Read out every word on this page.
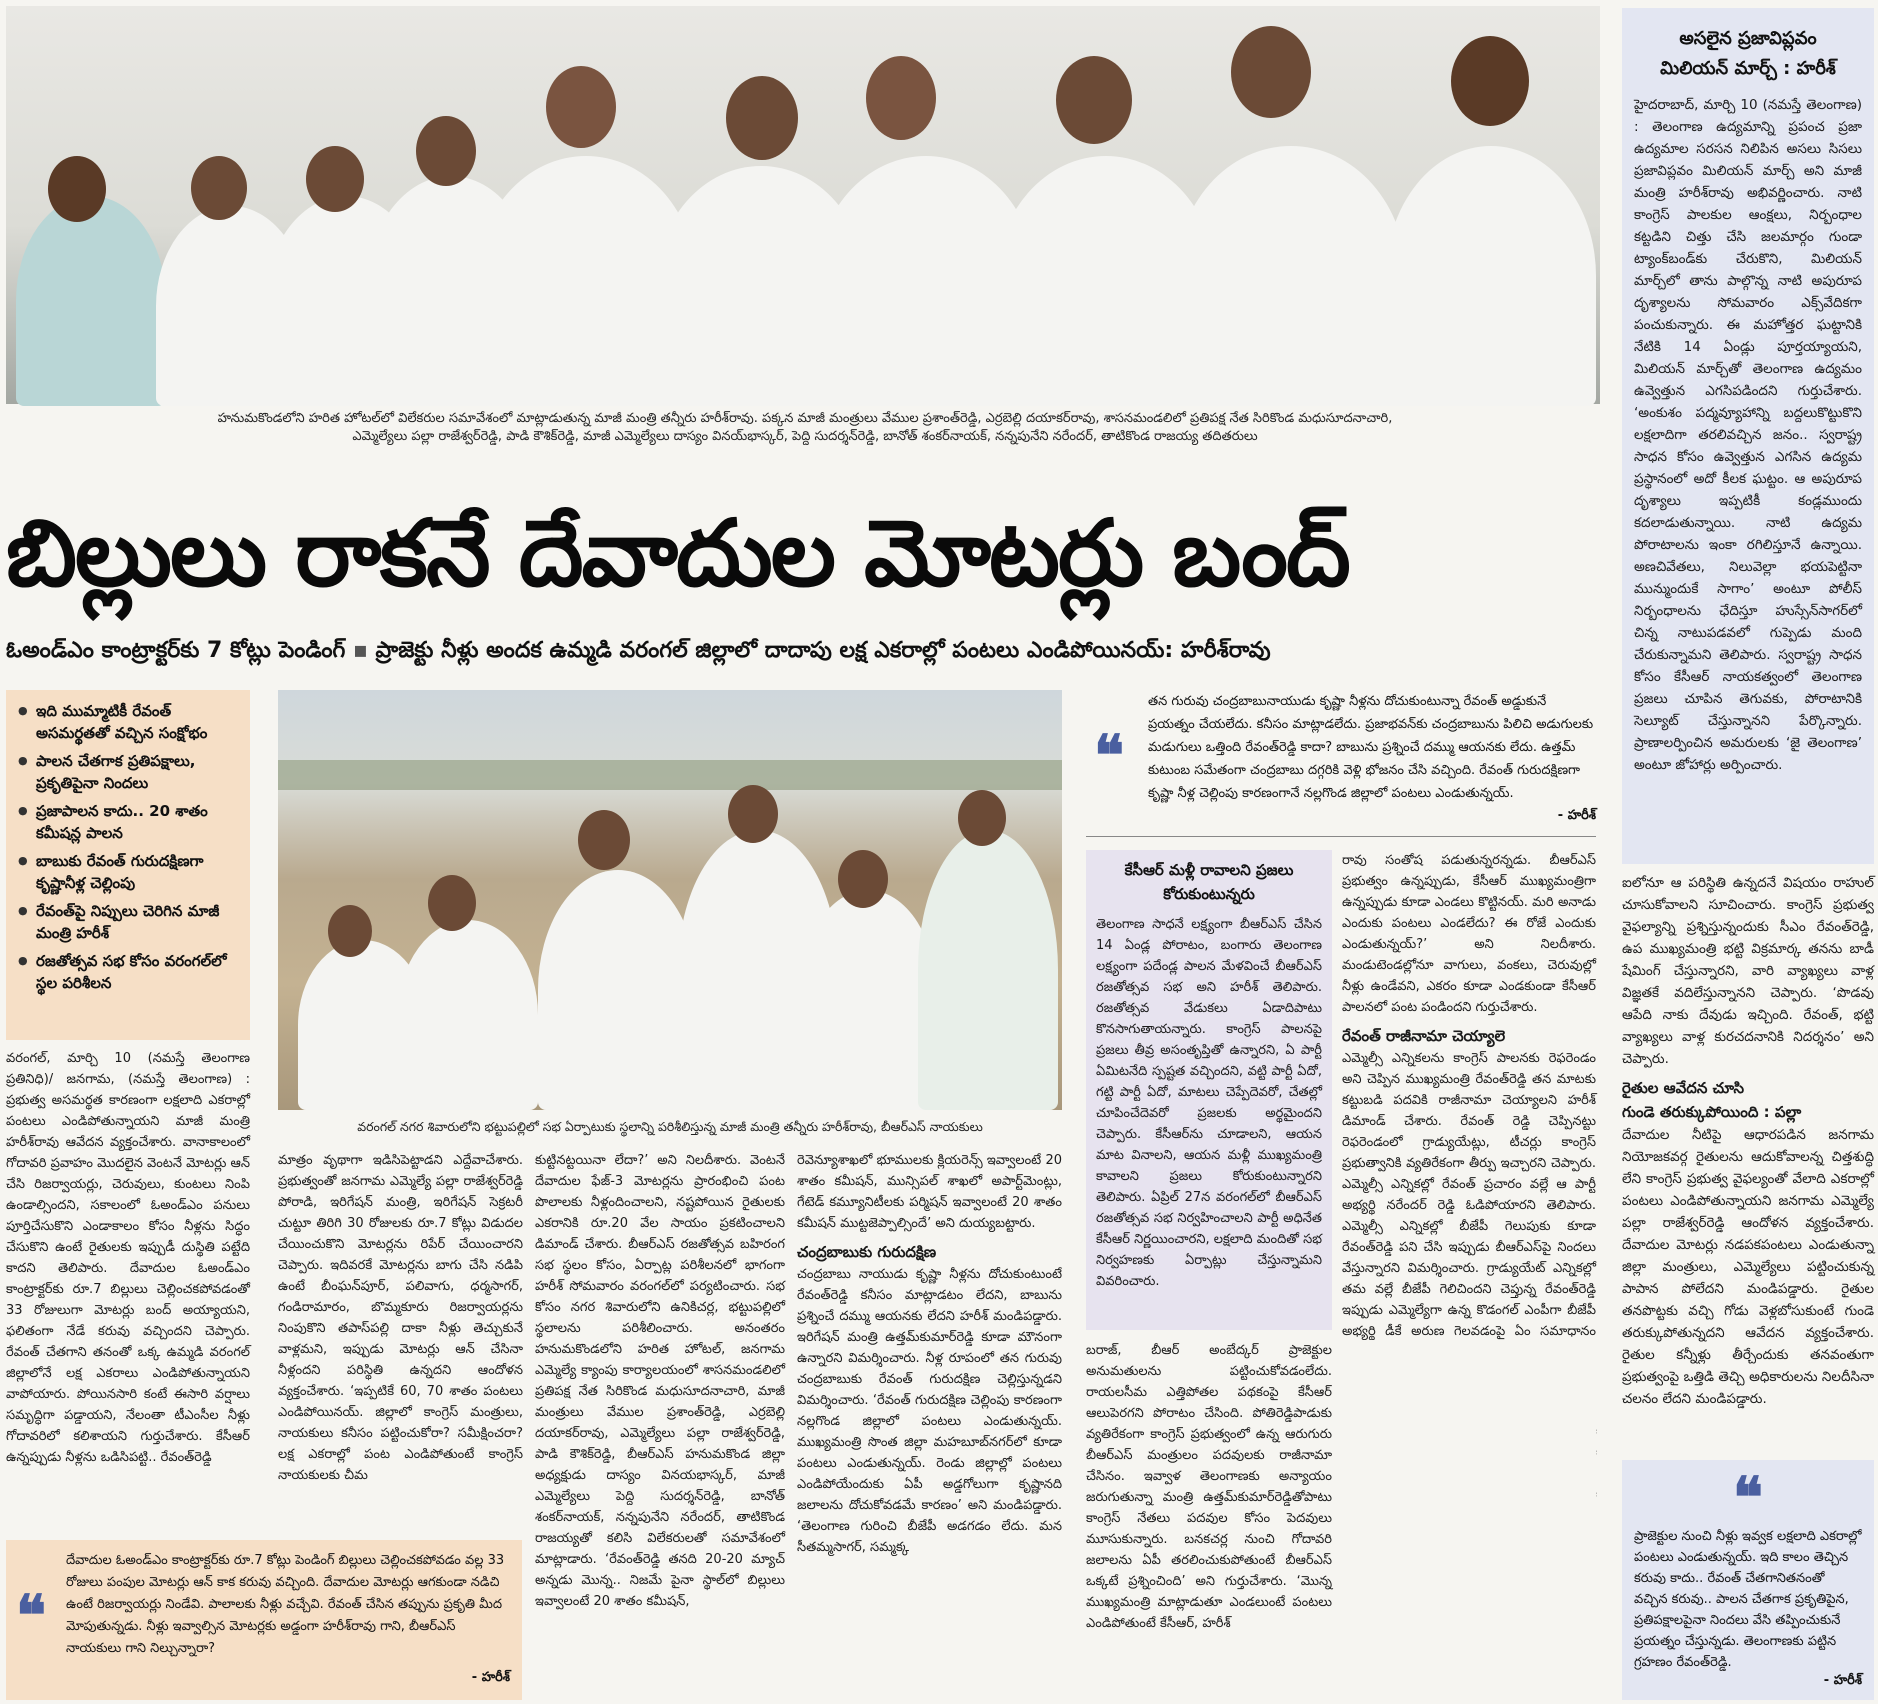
హనుమకొండలోని హరిత హోటల్‌లో విలేకరుల సమావేశంలో మాట్లాడుతున్న మాజీ మంత్రి తన్నీరు హరీశ్‌రావు. పక్కన మాజీ మంత్రులు వేముల ప్రశాంత్‌రెడ్డి, ఎర్రబెల్లి దయాకర్‌రావు, శాసనమండలిలో ప్రతిపక్ష నేత సిరికొండ మధుసూదనాచారి,
ఎమ్మెల్యేలు పల్లా రాజేశ్వర్‌రెడ్డి, పాడి కౌశిక్‌రెడ్డి, మాజీ ఎమ్మెల్యేలు దాస్యం వినయ్‌భాస్కర్, పెద్ది సుదర్శన్‌రెడ్డి, బానోత్ శంకర్‌నాయక్, నన్నపునేని నరేందర్, తాటికొండ రాజయ్య తదితరులు
బిల్లులు రాకనే దేవాదుల మోటర్లు బంద్
ఓఅండ్ఎం కాంట్రాక్టర్‌కు 7 కోట్లు పెండింగ్ ▪ ప్రాజెక్టు నీళ్లు అందక ఉమ్మడి వరంగల్ జిల్లాలో దాదాపు లక్ష ఎకరాల్లో పంటలు ఎండిపోయినయ్: హరీశ్‌రావు
అసలైన ప్రజావిప్లవం
మిలియన్ మార్చ్ : హరీశ్
హైదరాబాద్, మార్చి 10 (నమస్తే తెలంగాణ) : తెలంగాణ ఉద్యమాన్ని ప్రపంచ ప్రజా ఉద్యమాల సరసన నిలిపిన అసలు సిసలు ప్రజావిప్లవం మిలియన్ మార్చ్ అని మాజీ మంత్రి హరీశ్‌రావు అభివర్ణించారు. నాటి కాంగ్రెస్ పాలకుల ఆంక్షలు, నిర్బంధాల కట్టడిని చిత్తు చేసి జలమార్గం గుండా ట్యాంక్‌బండ్‌కు చేరుకొని, మిలియన్ మార్చ్‌లో తాను పాల్గొన్న నాటి అపురూప దృశ్యాలను సోమవారం ఎక్స్‌వేదికగా పంచుకున్నారు. ఈ మహోత్తర ఘట్టానికి నేటికి 14 ఏండ్లు పూర్తయ్యాయని, మిలియన్ మార్చ్‌తో తెలంగాణ ఉద్యమం ఉవ్వెత్తున ఎగసిపడిందని గుర్తుచేశారు. ‘అంకుశం పద్మవ్యూహాన్ని బద్దలుకొట్టుకొని లక్షలాదిగా తరలివచ్చిన జనం.. స్వరాష్ట్ర సాధన కోసం ఉవ్వెత్తున ఎగసిన ఉద్యమ ప్రస్థానంలో అదో కీలక ఘట్టం. ఆ అపురూప దృశ్యాలు ఇప్పటికీ కండ్లముందు కదలాడుతున్నాయి. నాటి ఉద్యమ పోరాటాలను ఇంకా రగిలిస్తూనే ఉన్నాయి. అణచివేతలు, నిలువెల్లా భయపెట్టినా మున్ముందుకే సాగాం’ అంటూ పోలీస్ నిర్బంధాలను ఛేదిస్తూ హుస్సేన్‌సాగర్‌లో చిన్న నాటుపడవలో గుప్పెడు మంది చేరుకున్నామని తెలిపారు. స్వరాష్ట్ర సాధన కోసం కేసీఆర్ నాయకత్వంలో తెలంగాణ ప్రజలు చూపిన తెగువకు, పోరాటానికి సెల్యూట్ చేస్తున్నానని పేర్కొన్నారు. ప్రాణాలర్పించిన అమరులకు ‘జై తెలంగాణ’ అంటూ జోహార్లు అర్పించారు.

ఐలోనూ ఆ పరిస్థితి ఉన్నదనే విషయం రాహుల్ చూసుకోవాలని సూచించారు. కాంగ్రెస్ ప్రభుత్వ వైఫల్యాన్ని ప్రశ్నిస్తున్నందుకు సీఎం రేవంత్‌రెడ్డి, ఉప ముఖ్యమంత్రి భట్టి విక్రమార్క తనను బాడీ షేమింగ్ చేస్తున్నారని, వారి వ్యాఖ్యలు వాళ్ల విజ్ఞతకే వదిలేస్తున్నానని చెప్పారు. ‘పొడవు ఆపేది నాకు దేవుడు ఇచ్చింది. రేవంత్, భట్టి వ్యాఖ్యలు వాళ్ల కురచదనానికి నిదర్శనం’ అని చెప్పారు.

రైతుల ఆవేదన చూసి
గుండె తరుక్కుపోయింది : పల్లా

దేవాదుల నీటిపై ఆధారపడిన జనగామ నియోజకవర్గ రైతులను ఆదుకోవాలన్న చిత్తశుద్ధి లేని కాంగ్రెస్ ప్రభుత్వ వైఫల్యంతో వేలాది ఎకరాల్లో పంటలు ఎండిపోతున్నాయని జనగామ ఎమ్మెల్యే పల్లా రాజేశ్వర్‌రెడ్డి ఆందోళన వ్యక్తంచేశారు. దేవాదుల మోటర్లు నడపకపంటలు ఎండుతున్నా జిల్లా మంత్రులు, ఎమ్మెల్యేలు పట్టించుకున్న పాపాన పోలేదని మండిపడ్డారు. రైతుల తనపొట్టకు వచ్చి గోడు వెళ్లబోసుకుంటే గుండె తరుక్కుపోతున్నదని ఆవేదన వ్యక్తంచేశారు. రైతుల కన్నీళ్లు తీర్చేందుకు తనవంతుగా ప్రభుత్వంపై ఒత్తిడి తెచ్చి అధికారులను నిలదీసినా చలనం లేదని మండిపడ్డారు.

❝
ప్రాజెక్టుల నుంచి నీళ్లు ఇవ్వక లక్షలాది ఎకరాల్లో పంటలు ఎండుతున్నయ్. ఇది కాలం తెచ్చిన కరువు కాదు.. రేవంత్ చేతగానితనంతో వచ్చిన కరువు.. పాలన చేతగాక ప్రకృతిపైన, ప్రతిపక్షాలపైనా నిందలు వేసి తప్పించుకునే ప్రయత్నం చేస్తున్నడు. తెలంగాణకు పట్టిన గ్రహణం రేవంత్‌రెడ్డి.
- హరీశ్
● ఇది ముమ్మాటికీ రేవంత్ అసమర్థతతో వచ్చిన సంక్షోభం
● పాలన చేతగాక ప్రతిపక్షాలు, ప్రకృతిపైనా నిందలు
● ప్రజాపాలన కాదు.. 20 శాతం కమీషన్ల పాలన
● బాబుకు రేవంత్ గురుదక్షిణగా కృష్ణానీళ్ల చెల్లింపు
● రేవంత్‌పై నిప్పులు చెరిగిన మాజీ మంత్రి హరీశ్
● రజతోత్సవ సభ కోసం వరంగల్‌లో స్థల పరిశీలన
వరంగల్ నగర శివారులోని భట్టుపల్లిలో సభ ఏర్పాటుకు స్థలాన్ని పరిశీలిస్తున్న మాజీ మంత్రి తన్నీరు హరీశ్‌రావు, బీఆర్‌ఎస్ నాయకులు
❝
తన గురువు చంద్రబాబునాయుడు కృష్ణా నీళ్లను దోచుకుంటున్నా రేవంత్ అడ్డుకునే ప్రయత్నం చేయలేదు. కనీసం మాట్లాడలేదు. ప్రజాభవన్‌కు చంద్రబాబును పిలిచి అడుగులకు మడుగులు ఒత్తింది రేవంత్‌రెడ్డి కాదా? బాబును ప్రశ్నించే దమ్ము ఆయనకు లేదు. ఉత్తమ్ కుటుంబ సమేతంగా చంద్రబాబు దగ్గరికి వెళ్లి భోజనం చేసి వచ్చింది. రేవంత్ గురుదక్షిణగా కృష్ణా నీళ్ల చెల్లింపు కారణంగానే నల్లగొండ జిల్లాలో పంటలు ఎండుతున్నయ్.
- హరీశ్
కేసీఆర్ మళ్లీ రావాలని ప్రజలు కోరుకుంటున్నరు
తెలంగాణ సాధనే లక్ష్యంగా బీఆర్‌ఎస్ చేసిన 14 ఏండ్ల పోరాటం, బంగారు తెలంగాణ లక్ష్యంగా పదేండ్ల పాలన మేళవించే బీఆర్‌ఎస్ రజతోత్సవ సభ అని హరీశ్ తెలిపారు. రజతోత్సవ వేడుకలు ఏడాదిపాటు కొనసాగుతాయన్నారు. కాంగ్రెస్ పాలనపై ప్రజలు తీవ్ర అసంతృప్తితో ఉన్నారని, ఏ పార్టీ ఏమిటనేది స్పష్టత వచ్చిందని, వట్టి పార్టీ ఏదో, గట్టి పార్టీ ఏదో, మాటలు చెప్పేదెవరో, చేతల్లో చూపించేదెవరో ప్రజలకు అర్థమైందని చెప్పారు. కేసీఆర్‌ను చూడాలని, ఆయన మాట వినాలని, ఆయన మళ్లీ ముఖ్యమంత్రి కావాలని ప్రజలు కోరుకుంటున్నారని తెలిపారు. ఏప్రిల్ 27న వరంగల్‌లో బీఆర్‌ఎస్ రజతోత్సవ సభ నిర్వహించాలని పార్టీ అధినేత కేసీఆర్ నిర్ణయించారని, లక్షలాది మందితో సభ నిర్వహణకు ఏర్పాట్లు చేస్తున్నామని వివరించారు.

రావు సంతోష పడుతున్నరన్నడు. బీఆర్‌ఎస్ ప్రభుత్వం ఉన్నప్పుడు, కేసీఆర్ ముఖ్యమంత్రిగా ఉన్నప్పుడు కూడా ఎండలు కొట్టినయ్. మరి అనాడు ఎందుకు పంటలు ఎండలేదు? ఈ రోజే ఎందుకు ఎండుతున్నయ్?’ అని నిలదీశారు. మండుటెండల్లోనూ వాగులు, వంకలు, చెరువుల్లో నీళ్లు ఉండేవని, ఎకరం కూడా ఎండకుండా కేసీఆర్ పాలనలో పంట పండిందని గుర్తుచేశారు.

రేవంత్ రాజీనామా చెయ్యాలె

ఎమ్మెల్సీ ఎన్నికలను కాంగ్రెస్ పాలనకు రెఫరెండం అని చెప్పిన ముఖ్యమంత్రి రేవంత్‌రెడ్డి తన మాటకు కట్టుబడి పదవికి రాజీనామా చెయ్యాలని హరీశ్ డిమాండ్ చేశారు. రేవంత్ రెడ్డి చెప్పినట్టు రెఫరెండంలో గ్రాడ్యుయేట్లు, టీచర్లు కాంగ్రెస్ ప్రభుత్వానికి వ్యతిరేకంగా తీర్పు ఇచ్చారని చెప్పారు. ఎమ్మెల్సీ ఎన్నికల్లో రేవంత్ ప్రచారం వల్లే ఆ పార్టీ అభ్యర్థి నరేందర్ రెడ్డి ఓడిపోయారని తెలిపారు. ఎమ్మెల్సీ ఎన్నికల్లో బీజేపీ గెలుపుకు కూడా రేవంత్‌రెడ్డి పని చేసి ఇప్పుడు బీఆర్‌ఎస్‌పై నిందలు వేస్తున్నారని విమర్శించారు. గ్రాడ్యుయేట్ ఎన్నికల్లో తమ వల్లే బీజేపీ గెలిచిందని చెప్తున్న రేవంత్‌రెడ్డి ఇప్పుడు ఎమ్మెల్యేగా ఉన్న కొడంగల్ ఎంపీగా బీజేపీ అభ్యర్థి డీకే అరుణ గెలవడంపై ఏం సమాధానం

వరంగల్, మార్చి 10 (నమస్తే తెలంగాణ ప్రతినిధి)/ జనగామ, (నమస్తే తెలంగాణ) : ప్రభుత్వ అసమర్థత కారణంగా లక్షలాది ఎకరాల్లో పంటలు ఎండిపోతున్నాయని మాజీ మంత్రి హరీశ్‌రావు ఆవేదన వ్యక్తంచేశారు. వానాకాలంలో గోదావరి ప్రవాహం మొదలైన వెంటనే మోటర్లు ఆన్ చేసి రిజర్వాయర్లు, చెరువులు, కుంటలు నింపి ఉండాల్సిందని, సకాలంలో ఓఅండ్ఎం పనులు పూర్తిచేసుకొని ఎండాకాలం కోసం నీళ్లను సిద్ధం చేసుకొని ఉంటే రైతులకు ఇప్పుడీ దుస్థితి పట్టేది కాదని తెలిపారు. దేవాదుల ఓఅండ్ఎం కాంట్రాక్టర్‌కు రూ.7 బిల్లులు చెల్లించకపోవడంతో 33 రోజులుగా మోటర్లు బంద్ అయ్యాయని, ఫలితంగా నేడే కరువు వచ్చిందని చెప్పారు. రేవంత్ చేతగాని తనంతో ఒక్క ఉమ్మడి వరంగల్ జిల్లాలోనే లక్ష ఎకరాలు ఎండిపోతున్నాయని వాపోయారు. పోయినసారి కంటే ఈసారి వర్షాలు సమృద్ధిగా పడ్డాయని, నేలంతా టీఎంసీల నీళ్లు గోదావరిలో కలిశాయని గుర్తుచేశారు. కేసీఆర్ ఉన్నప్పుడు నీళ్లను ఒడిసిపట్టి.. రేవంత్‌రెడ్డి
మాత్రం వృథాగా ఇడిసిపెట్టాడని ఎద్దేవాచేశారు. ప్రభుత్వంతో జనగామ ఎమ్మెల్యే పల్లా రాజేశ్వర్‌రెడ్డి పోరాడి, ఇరిగేషన్ మంత్రి, ఇరిగేషన్ సెక్రటరీ చుట్టూ తిరిగి 30 రోజులకు రూ.7 కోట్లు విడుదల చేయించుకొని మోటర్లను రిపేర్ చేయించారని చెప్పారు. ఇదివరకే మోటర్లను బాగు చేసి నడిపి ఉంటే బీంఘన్‌పూర్, పలివాగు, ధర్మసాగర్, గండిరామారం, బొమ్మకూరు రిజర్వాయర్లను నింపుకొని తపాస్‌పల్లి దాకా నీళ్లు తెచ్చుకునే వాళ్లమని, ఇప్పుడు మోటర్లు ఆన్ చేసినా నీళ్లందని పరిస్థితి ఉన్నదని ఆందోళన వ్యక్తంచేశారు. ‘ఇప్పటికే 60, 70 శాతం పంటలు ఎండిపోయినయ్. జిల్లాలో కాంగ్రెస్ మంత్రులు, నాయకులు కనీసం పట్టించుకోరా? సమీక్షించరా? లక్ష ఎకరాల్లో పంట ఎండిపోతుంటే కాంగ్రెస్ నాయకులకు చీమ
కుట్టినట్టయినా లేదా?’ అని నిలదీశారు. వెంటనే దేవాదుల ఫేజ్-3 మోటర్లను ప్రారంభించి పంట పొలాలకు నీళ్లందించాలని, నష్టపోయిన రైతులకు ఎకరానికి రూ.20 వేల సాయం ప్రకటించాలని డిమాండ్ చేశారు. బీఆర్‌ఎస్ రజతోత్సవ బహిరంగ సభ స్థలం కోసం, ఏర్పాట్ల పరిశీలనలో భాగంగా హరీశ్ సోమవారం వరంగల్‌లో పర్యటించారు. సభ కోసం నగర శివారులోని ఉనికిచర్ల, భట్టుపల్లిలో స్థలాలను పరిశీలించారు. అనంతరం హనుమకొండలోని హరిత హోటల్, జనగామ ఎమ్మెల్యే క్యాంపు కార్యాలయంలో శాసనమండలిలో ప్రతిపక్ష నేత సిరికొండ మధుసూదనాచారి, మాజీ మంత్రులు వేముల ప్రశాంత్‌రెడ్డి, ఎర్రబెల్లి దయాకర్‌రావు, ఎమ్మెల్యేలు పల్లా రాజేశ్వర్‌రెడ్డి, పాడి కౌశిక్‌రెడ్డి, బీఆర్‌ఎస్ హనుమకొండ జిల్లా అధ్యక్షుడు దాస్యం వినయభాస్కర్, మాజీ ఎమ్మెల్యేలు పెద్ది సుదర్శన్‌రెడ్డి, బానోత్ శంకర్‌నాయక్, నన్నపునేని నరేందర్, తాటికొండ రాజయ్యతో కలిసి విలేకరులతో సమావేశంలో మాట్లాడారు. ‘రేవంత్‌రెడ్డి తనది 20-20 మ్యాచ్ అన్నడు మొన్న.. నిజమే పైనా స్థాల్‌లో బిల్లులు ఇవ్వాలంటే 20 శాతం కమీషన్,

రెవెన్యూశాఖలో భూములకు క్లియరెన్స్ ఇవ్వాలంటే 20 శాతం కమీషన్, మున్సిపల్ శాఖలో అపార్ట్‌మెంట్లు, గేటెడ్ కమ్యూనిటీలకు పర్మిషన్ ఇవ్వాలంటే 20 శాతం కమీషన్ ముట్టజెప్పాల్సిందే’ అని దుయ్యబట్టారు.

చంద్రబాబుకు గురుదక్షిణ

చంద్రబాబు నాయుడు కృష్ణా నీళ్లను దోచుకుంటుంటే రేవంత్‌రెడ్డి కనీసం మాట్లాడటం లేదని, బాబును ప్రశ్నించే దమ్ము ఆయనకు లేదని హరీశ్ మండిపడ్డారు. ఇరిగేషన్ మంత్రి ఉత్తమ్‌కుమార్‌రెడ్డి కూడా మౌనంగా ఉన్నారని విమర్శించారు. నీళ్ల రూపంలో తన గురువు చంద్రబాబుకు రేవంత్ గురుదక్షిణ చెల్లిస్తున్నడని విమర్శించారు. ‘రేవంత్ గురుదక్షిణ చెల్లింపు కారణంగా నల్లగొండ జిల్లాలో పంటలు ఎండుతున్నయ్. ముఖ్యమంత్రి సొంత జిల్లా మహబూబ్‌నగర్‌లో కూడా పంటలు ఎండుతున్నయ్. రెండు జిల్లాల్లో పంటలు ఎండిపోయేందుకు ఏపీ అడ్డగోలుగా కృష్ణానది జలాలను దోచుకోవడమే కారణం’ అని మండిపడ్డారు. ‘తెలంగాణ గురించి బీజేపీ అడగడం లేదు. మన సీతమ్మసాగర్, సమ్మక్క

బరాజ్, బీఆర్ అంబేద్కర్ ప్రాజెక్టుల అనుమతులను పట్టించుకోవడంలేదు. రాయలసీమ ఎత్తిపోతల పథకంపై కేసీఆర్ ఆలుపెరగని పోరాటం చేసింది. పోతిరెడ్డిపాడుకు వ్యతిరేకంగా కాంగ్రెస్ ప్రభుత్వంలో ఉన్న ఆరుగురు బీఆర్‌ఎస్ మంత్రులం పదవులకు రాజీనామా చేసినం. ఇవ్వాళ తెలంగాణకు అన్యాయం జరుగుతున్నా మంత్రి ఉత్తమ్‌కుమార్‌రెడ్డితోపాటు కాంగ్రెస్ నేతలు పదవుల కోసం పెదవులు మూసుకున్నారు. బనకచర్ల నుంచి గోదావరి జలాలను ఏపీ తరలించుకుపోతుంటే బీఆర్‌ఎస్ ఒక్కటే ప్రశ్నించింది’ అని గుర్తుచేశారు. ‘మొన్న ముఖ్యమంత్రి మాట్లాడుతూ ఎండలుంటే పంటలు ఎండిపోతుంటే కేసీఆర్, హరీశ్
❝
దేవాదుల ఓఅండ్ఎం కాంట్రాక్టర్‌కు రూ.7 కోట్లు పెండింగ్ బిల్లులు చెల్లించకపోవడం వల్ల 33 రోజులు పంపుల మోటర్లు ఆన్ కాక కరువు వచ్చింది. దేవాదుల మోటర్లు ఆగకుండా నడిచి ఉంటే రిజర్వాయర్లు నిండేవి. పాలాలకు నీళ్లు వచ్చేవి. రేవంత్ చేసిన తప్పును ప్రకృతి మీద మోపుతున్నడు. నీళ్లు ఇవ్వాల్సిన మోటర్లకు అడ్డంగా హరీశ్‌రావు గాని, బీఆర్‌ఎస్ నాయకులు గాని నిల్చున్నారా?
- హరీశ్
